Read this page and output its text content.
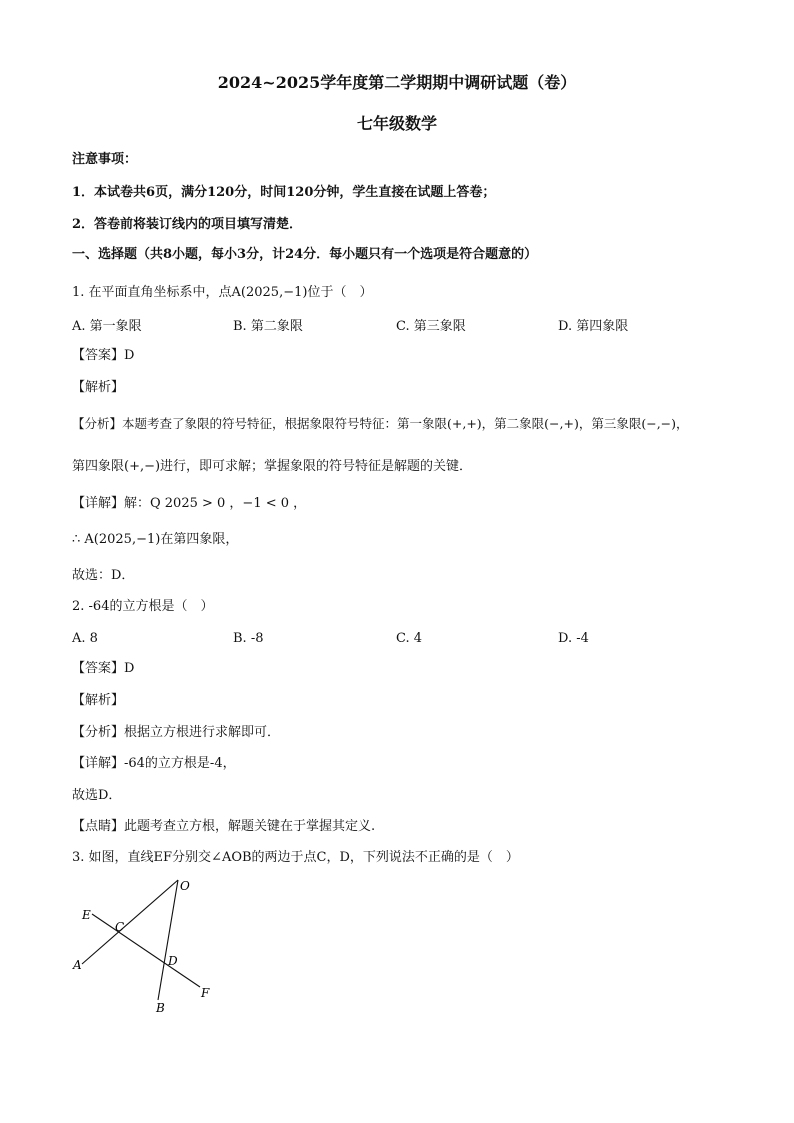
2024~2025学年度第二学期期中调研试题（卷）
七年级数学
注意事项：
1．本试卷共6页，满分120分，时间120分钟，学生直接在试题上答卷；
2．答卷前将装订线内的项目填写清楚．
一、选择题（共8小题，每小3分，计24分．每小题只有一个选项是符合题意的）
1. 在平面直角坐标系中，点A(2025,−1)位于（　）
A. 第一象限	B. 第二象限	C. 第三象限	D. 第四象限
【答案】D
【解析】
【分析】本题考查了象限的符号特征，根据象限符号特征：第一象限(+,+)，第二象限(−,+)，第三象限(−,−)，
第四象限(+,−)进行，即可求解；掌握象限的符号特征是解题的关键．
【详解】解：Q 2025 > 0 ，−1 < 0 ，
∴ A(2025,−1)在第四象限，
故选：D．
2. -64的立方根是（　）
A. 8	B. -8	C. 4	D. -4
【答案】D
【解析】
【分析】根据立方根进行求解即可．
【详解】-64的立方根是-4，
故选D．
【点睛】此题考查立方根，解题关键在于掌握其定义.
3. 如图，直线EF分别交∠AOB的两边于点C，D，下列说法不正确的是（　）
O
E
C
A	D
F
B
